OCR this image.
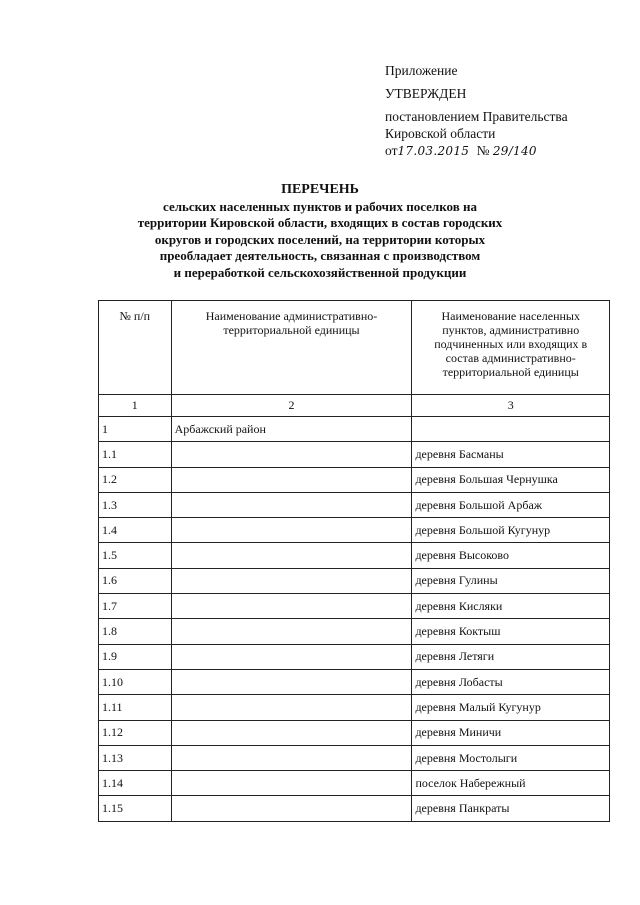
Приложение
УТВЕРЖДЕН
постановлением Правительства
Кировской области
от17.03.2015 № 29/140
ПЕРЕЧЕНЬ
сельских населенных пунктов и рабочих поселков на
территории Кировской области, входящих в состав городских
округов и городских поселений, на территории которых
преобладает деятельность, связанная с производством
и переработкой сельскохозяйственной продукции
№ п/п	Наименование административно-территориальной единицы	Наименование населенных пунктов, административно подчиненных или входящих в состав административно-территориальной единицы

1	2	3
1	Арбажский район	
1.1		деревня Басманы
1.2		деревня Большая Чернушка
1.3		деревня Большой Арбаж
1.4		деревня Большой Кугунур
1.5		деревня Высоково
1.6		деревня Гулины
1.7		деревня Кисляки
1.8		деревня Коктыш
1.9		деревня Летяги
1.10		деревня Лобасты
1.11		деревня Малый Кугунур
1.12		деревня Миничи
1.13		деревня Мостолыги
1.14		поселок Набережный
1.15		деревня Панкраты
